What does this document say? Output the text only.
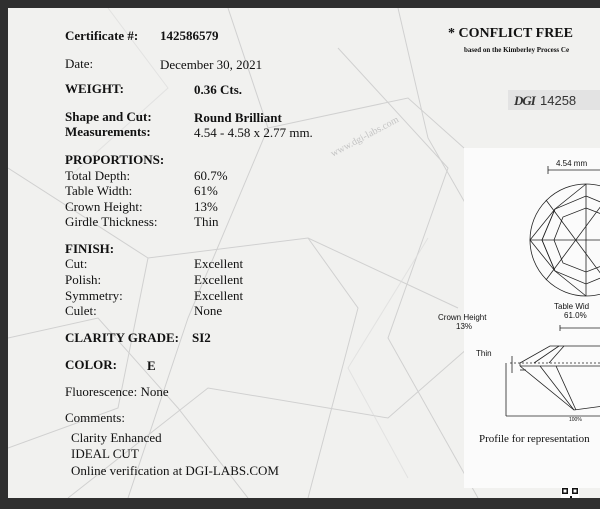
Certificate #: 142586579
Date:	December 30, 2021
WEIGHT:	0.36 Cts.
Shape and Cut:	Round Brilliant
Measurements:	4.54 - 4.58 x 2.77 mm.
PROPORTIONS:
Total Depth:	60.7%
Table Width:	61%
Crown Height:	13%
Girdle Thickness:	Thin
FINISH:
Cut:	Excellent
Polish:	Excellent
Symmetry:	Excellent
Culet:	None
CLARITY GRADE: SI2
COLOR: E
Fluorescence: None
Comments:
Clarity Enhanced
IDEAL CUT
Online verification at DGI-LABS.COM
www.dgi-labs.com
* CONFLICT FREE
based on the Kimberley Process Ce
DGI 14258
4.54 mm
Crown Height
13%
Table Wid
61.0%
Thin
100%
Profile for representation
